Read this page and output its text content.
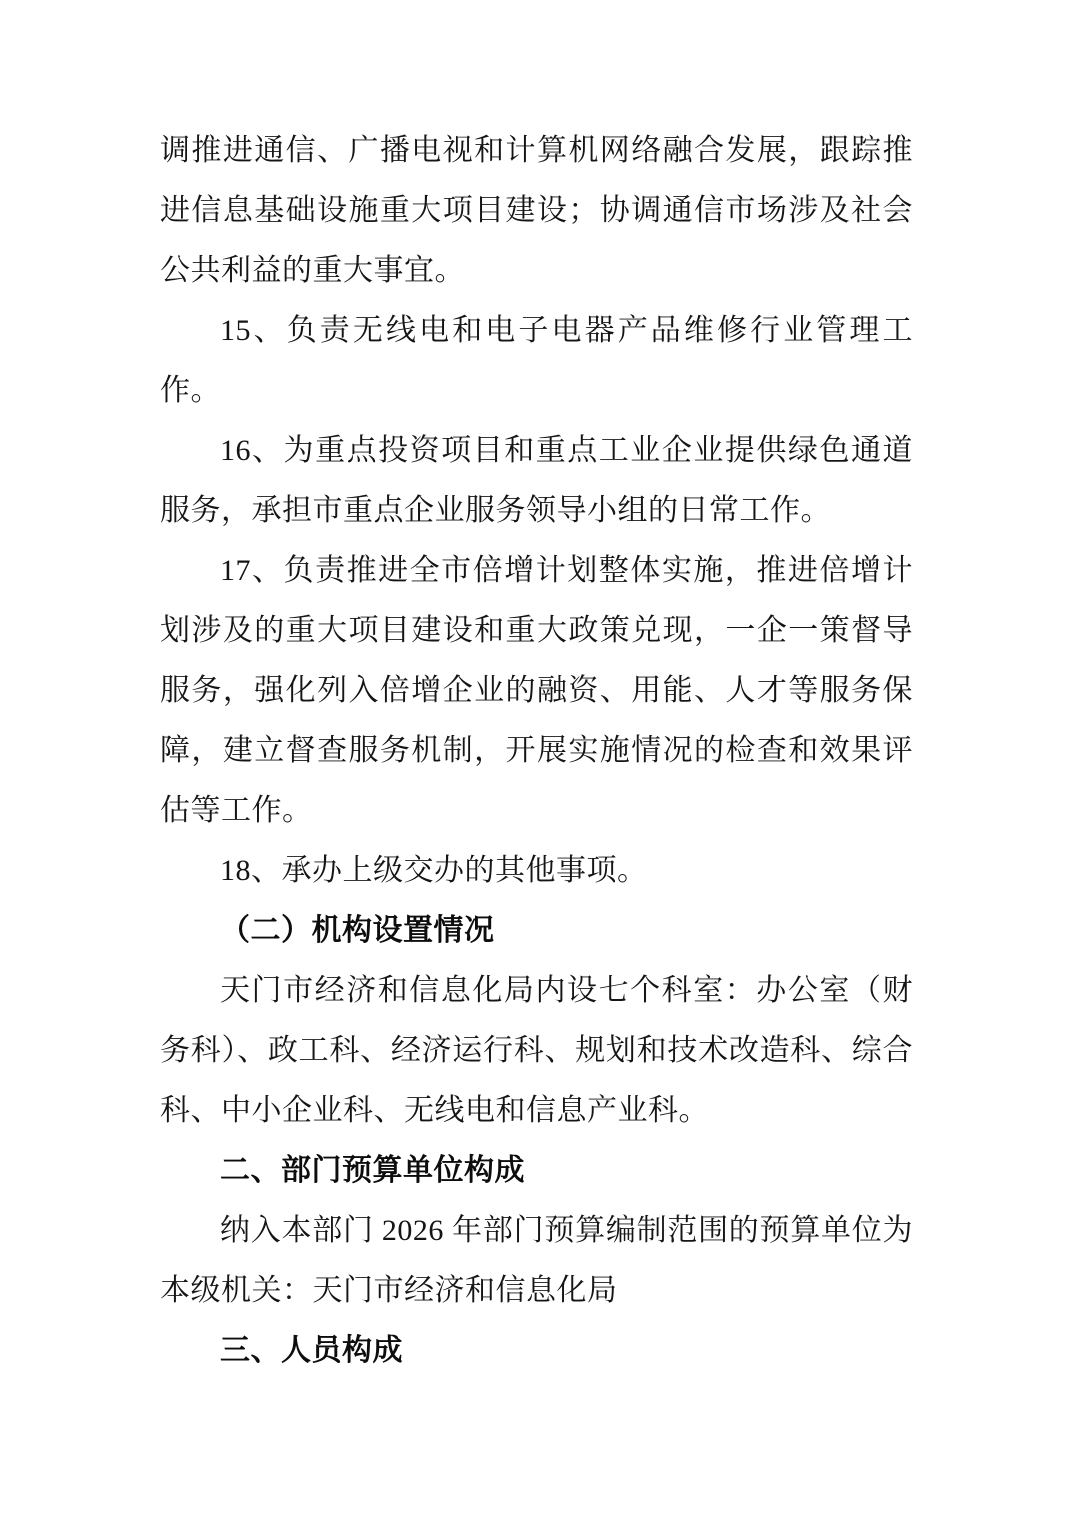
调推进通信、广播电视和计算机网络融合发展，跟踪推进信息基础设施重大项目建设；协调通信市场涉及社会公共利益的重大事宜。

15、负责无线电和电子电器产品维修行业管理工作。

16、为重点投资项目和重点工业企业提供绿色通道服务，承担市重点企业服务领导小组的日常工作。

17、负责推进全市倍增计划整体实施，推进倍增计划涉及的重大项目建设和重大政策兑现，一企一策督导服务，强化列入倍增企业的融资、用能、人才等服务保障，建立督查服务机制，开展实施情况的检查和效果评估等工作。

18、承办上级交办的其他事项。

（二）机构设置情况

天门市经济和信息化局内设七个科室：办公室（财务科）、政工科、经济运行科、规划和技术改造科、综合科、中小企业科、无线电和信息产业科。

二、部门预算单位构成

纳入本部门 2026 年部门预算编制范围的预算单位为本级机关：天门市经济和信息化局

三、人员构成
